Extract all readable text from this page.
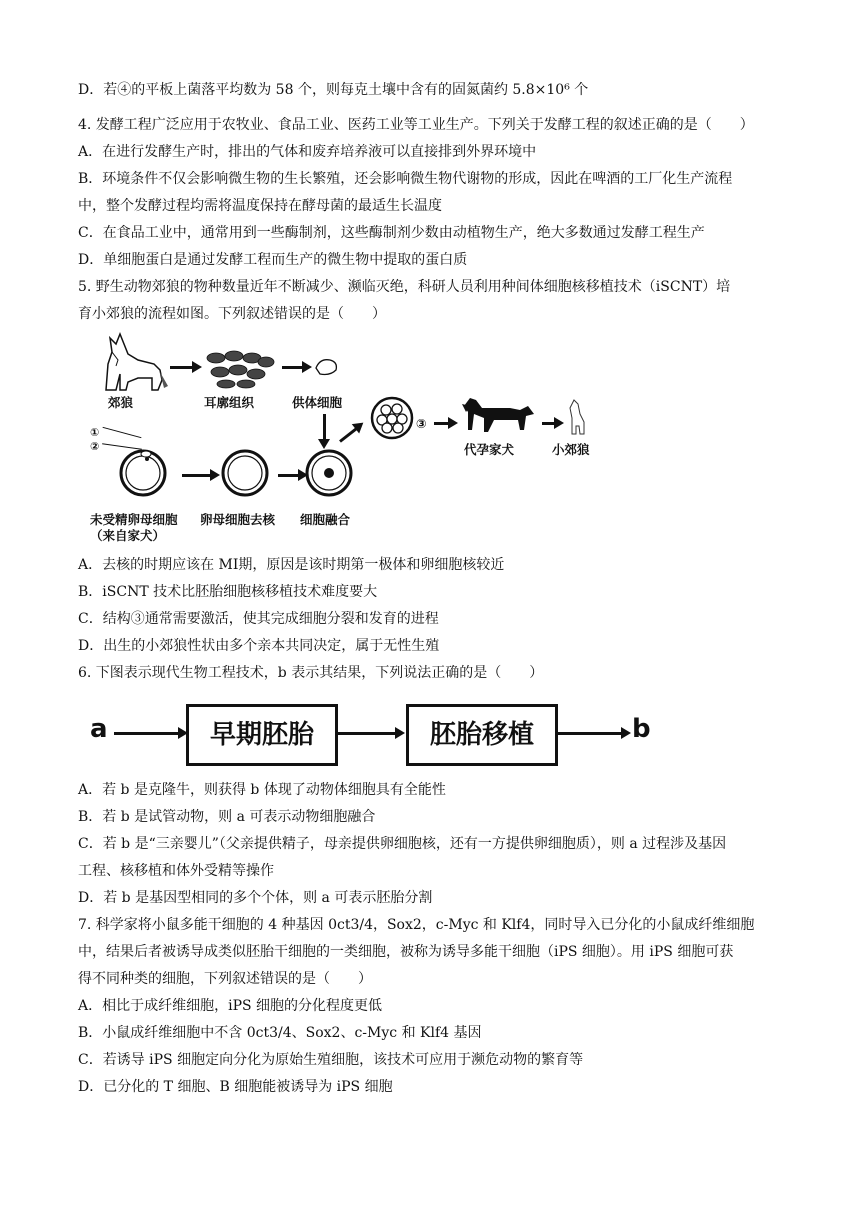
D．若④的平板上菌落平均数为 58 个，则每克土壤中含有的固氮菌约 5.8×10⁶ 个
4. 发酵工程广泛应用于农牧业、食品工业、医药工业等工业生产。下列关于发酵工程的叙述正确的是（　　）
A．在进行发酵生产时，排出的气体和废弃培养液可以直接排到外界环境中
B．环境条件不仅会影响微生物的生长繁殖，还会影响微生物代谢物的形成，因此在啤酒的工厂化生产流程
中，整个发酵过程均需将温度保持在酵母菌的最适生长温度
C．在食品工业中，通常用到一些酶制剂，这些酶制剂少数由动植物生产，绝大多数通过发酵工程生产
D．单细胞蛋白是通过发酵工程而生产的微生物中提取的蛋白质
5. 野生动物郊狼的物种数量近年不断减少、濒临灭绝，科研人员利用种间体细胞核移植技术（iSCNT）培
育小郊狼的流程如图。下列叙述错误的是（　　）
郊狼	耳廓组织	供体细胞
③
代孕家犬	小郊狼
①
②
未受精卵母细胞
（来自家犬）
卵母细胞去核 细胞融合
A．去核的时期应该在 MⅠ期，原因是该时期第一极体和卵细胞核较近
B．iSCNT 技术比胚胎细胞核移植技术难度要大
C．结构③通常需要激活，使其完成细胞分裂和发育的进程
D．出生的小郊狼性状由多个亲本共同决定，属于无性生殖
6. 下图表示现代生物工程技术，b 表示其结果，下列说法正确的是（　　）
a	早期胚胎	胚胎移植	b
A．若 b 是克隆牛，则获得 b 体现了动物体细胞具有全能性
B．若 b 是试管动物，则 a 可表示动物细胞融合
C．若 b 是“三亲婴儿”（父亲提供精子，母亲提供卵细胞核，还有一方提供卵细胞质），则 a 过程涉及基因
工程、核移植和体外受精等操作
D．若 b 是基因型相同的多个个体，则 a 可表示胚胎分割
7. 科学家将小鼠多能干细胞的 4 种基因 0ct3/4，Sox2，c-Myc 和 Klf4，同时导入已分化的小鼠成纤维细胞
中，结果后者被诱导成类似胚胎干细胞的一类细胞，被称为诱导多能干细胞（iPS 细胞）。用 iPS 细胞可获
得不同种类的细胞，下列叙述错误的是（　　）
A．相比于成纤维细胞，iPS 细胞的分化程度更低
B．小鼠成纤维细胞中不含 0ct3/4、Sox2、c-Myc 和 Klf4 基因
C．若诱导 iPS 细胞定向分化为原始生殖细胞，该技术可应用于濒危动物的繁育等
D．已分化的 T 细胞、B 细胞能被诱导为 iPS 细胞
